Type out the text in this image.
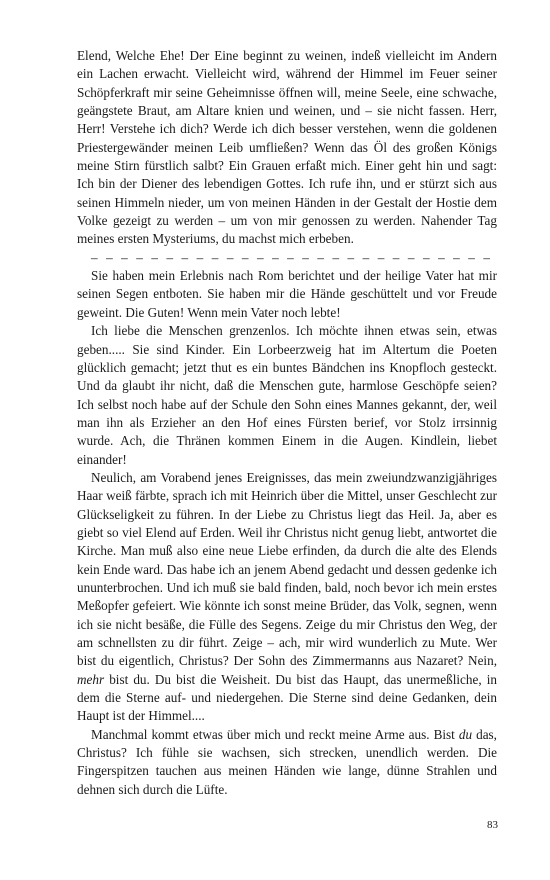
Elend, Welche Ehe! Der Eine beginnt zu weinen, indeß vielleicht im Andern ein Lachen erwacht. Vielleicht wird, während der Himmel im Feuer seiner Schöpferkraft mir seine Geheimnisse öffnen will, meine Seele, eine schwache, geängstete Braut, am Altare knien und weinen, und – sie nicht fassen. Herr, Herr! Verstehe ich dich? Werde ich dich besser verstehen, wenn die goldenen Priestergewänder meinen Leib umfließen? Wenn das Öl des großen Königs meine Stirn fürstlich salbt? Ein Grauen erfaßt mich. Einer geht hin und sagt: Ich bin der Diener des lebendigen Gottes. Ich rufe ihn, und er stürzt sich aus seinen Himmeln nieder, um von meinen Händen in der Gestalt der Hostie dem Volke gezeigt zu werden – um von mir genossen zu werden. Nahender Tag meines ersten Mysteriums, du machst mich erbeben.

– – – – – – – – – – – – – – – – – – – – – – – – – – –

Sie haben mein Erlebnis nach Rom berichtet und der heilige Vater hat mir seinen Segen entboten. Sie haben mir die Hände geschüttelt und vor Freude geweint. Die Guten! Wenn mein Vater noch lebte!

Ich liebe die Menschen grenzenlos. Ich möchte ihnen etwas sein, etwas geben..... Sie sind Kinder. Ein Lorbeerzweig hat im Altertum die Poeten glücklich gemacht; jetzt thut es ein buntes Bändchen ins Knopfloch gesteckt. Und da glaubt ihr nicht, daß die Menschen gute, harmlose Geschöpfe seien? Ich selbst noch habe auf der Schule den Sohn eines Mannes gekannt, der, weil man ihn als Erzieher an den Hof eines Fürsten berief, vor Stolz irrsinnig wurde. Ach, die Thränen kommen Einem in die Augen. Kindlein, liebet einander!

Neulich, am Vorabend jenes Ereignisses, das mein zweiundzwanzigjähriges Haar weiß färbte, sprach ich mit Heinrich über die Mittel, unser Geschlecht zur Glückseligkeit zu führen. In der Liebe zu Christus liegt das Heil. Ja, aber es giebt so viel Elend auf Erden. Weil ihr Christus nicht genug liebt, antwortet die Kirche. Man muß also eine neue Liebe erfinden, da durch die alte des Elends kein Ende ward. Das habe ich an jenem Abend gedacht und dessen gedenke ich ununterbrochen. Und ich muß sie bald finden, bald, noch bevor ich mein erstes Meßopfer gefeiert. Wie könnte ich sonst meine Brüder, das Volk, segnen, wenn ich sie nicht besäße, die Fülle des Segens. Zeige du mir Christus den Weg, der am schnellsten zu dir führt. Zeige – ach, mir wird wunderlich zu Mute. Wer bist du eigentlich, Christus? Der Sohn des Zimmermanns aus Nazaret? Nein, mehr bist du. Du bist die Weisheit. Du bist das Haupt, das unermeßliche, in dem die Sterne auf- und niedergehen. Die Sterne sind deine Gedanken, dein Haupt ist der Himmel....

Manchmal kommt etwas über mich und reckt meine Arme aus. Bist du das, Christus? Ich fühle sie wachsen, sich strecken, unendlich werden. Die Fingerspitzen tauchen aus meinen Händen wie lange, dünne Strahlen und dehnen sich durch die Lüfte.

83
